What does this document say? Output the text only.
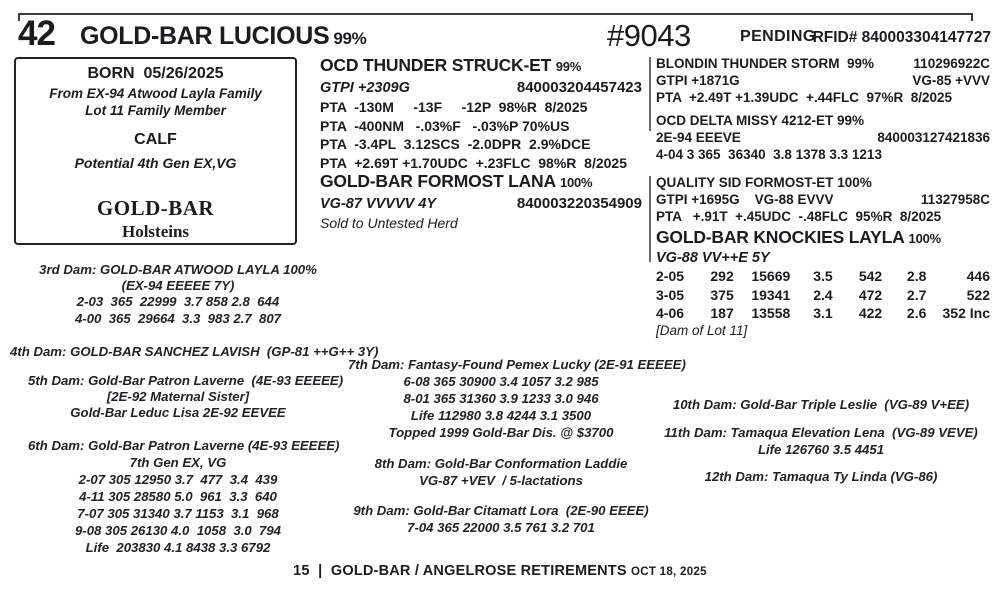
42 GOLD-BAR LUCIOUS 99%	#9043	PENDING
RFID# 840003304147727
BORN  05/26/2025
From EX-94 Atwood Layla Family
Lot 11 Family Member
CALF
Potential 4th Gen EX,VG
GOLD-BAR
Holsteins
OCD THUNDER STRUCK-ET 99%
GTPI +2309G	840003204457423
PTA  -130M     -13F     -12P  98%R  8/2025
PTA  -400NM   -.03%F   -.03%P 70%US
PTA  -3.4PL  3.12SCS  -2.0DPR  2.9%DCE
PTA  +2.69T +1.70UDC  +.23FLC  98%R  8/2025
GOLD-BAR FORMOST LANA 100%
VG-87 VVVVV 4Y	840003220354909
Sold to Untested Herd
BLONDIN THUNDER STORM  99%	110296922C
GTPI +1871G	VG-85 +VVV
PTA  +2.49T +1.39UDC  +.44FLC  97%R  8/2025
OCD DELTA MISSY 4212-ET 99%
2E-94 EEEVE	840003127421836
4-04 3 365  36340  3.8 1378 3.3 1213
QUALITY SID FORMOST-ET 100%
GTPI +1695G    VG-88 EVVV	11327958C
PTA   +.91T  +.45UDC  -.48FLC  95%R  8/2025
GOLD-BAR KNOCKIES LAYLA 100%
VG-88 VV++E 5Y
2-05	292	15669	3.5	542	2.8	446
3-05	375	19341	2.4	472	2.7	522
4-06	187	13558	3.1	422	2.6	352 Inc
[Dam of Lot 11]
3rd Dam: GOLD-BAR ATWOOD LAYLA 100%
(EX-94 EEEEE 7Y)
2-03  365  22999  3.7 858 2.8  644
4-00  365  29664  3.3  983 2.7  807
4th Dam: GOLD-BAR SANCHEZ LAVISH  (GP-81 ++G++ 3Y)
5th Dam: Gold-Bar Patron Laverne  (4E-93 EEEEE)
[2E-92 Maternal Sister]
Gold-Bar Leduc Lisa 2E-92 EEVEE
6th Dam: Gold-Bar Patron Laverne (4E-93 EEEEE)
7th Gen EX, VG
2-07 305 12950 3.7  477  3.4  439
4-11 305 28580 5.0  961  3.3  640
7-07 305 31340 3.7 1153  3.1  968
9-08 305 26130 4.0  1058  3.0  794
Life  203830 4.1 8438 3.3 6792
7th Dam: Fantasy-Found Pemex Lucky (2E-91 EEEEE)
6-08 365 30900 3.4 1057 3.2 985
8-01 365 31360 3.9 1233 3.0 946
Life 112980 3.8 4244 3.1 3500
Topped 1999 Gold-Bar Dis. @ $3700
8th Dam: Gold-Bar Conformation Laddie
VG-87 +VEV  / 5-lactations
9th Dam: Gold-Bar Citamatt Lora  (2E-90 EEEE)
7-04 365 22000 3.5 761 3.2 701
10th Dam: Gold-Bar Triple Leslie  (VG-89 V+EE)
11th Dam: Tamaqua Elevation Lena  (VG-89 VEVE)
Life 126760 3.5 4451
12th Dam: Tamaqua Ty Linda (VG-86)
15  |  GOLD-BAR / ANGELROSE RETIREMENTS OCT 18, 2025
